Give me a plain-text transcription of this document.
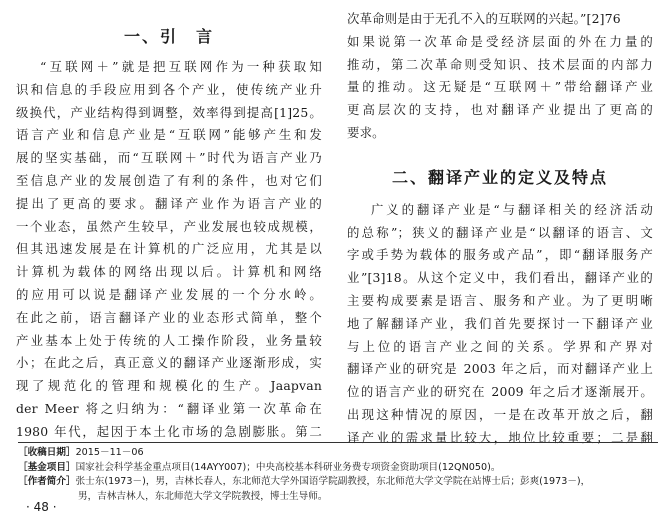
一、引　言
“互联网＋”就是把互联网作为一种获取知
识和信息的手段应用到各个产业，使传统产业升
级换代，产业结构得到调整，效率得到提高[1]25。
语言产业和信息产业是“互联网”能够产生和发
展的坚实基础，而“互联网＋”时代为语言产业乃
至信息产业的发展创造了有利的条件，也对它们
提出了更高的要求。翻译产业作为语言产业的
一个业态，虽然产生较早，产业发展也较成规模，
但其迅速发展是在计算机的广泛应用，尤其是以
计算机为载体的网络出现以后。计算机和网络
的应用可以说是翻译产业发展的一个分水岭。
在此之前，语言翻译产业的业态形式简单，整个
产业基本上处于传统的人工操作阶段，业务量较
小；在此之后，真正意义的翻译产业逐渐形成，实
现了规范化的管理和规模化的生产。Jaapvan
der Meer 将之归纳为：“翻译业第一次革命在
1980 年代，起因于本土化市场的急剧膨胀。第二
次革命则是由于无孔不入的互联网的兴起。”[2]76
如果说第一次革命是受经济层面的外在力量的
推动，第二次革命则受知识、技术层面的内部力
量的推动。这无疑是“互联网＋”带给翻译产业
更高层次的支持，也对翻译产业提出了更高的
要求。
二、翻译产业的定义及特点
广义的翻译产业是“与翻译相关的经济活动
的总称”；狭义的翻译产业是“以翻译的语言、文
字或手势为载体的服务或产品”，即“翻译服务产
业”[3]18。从这个定义中，我们看出，翻译产业的
主要构成要素是语言、服务和产业。为了更明晰
地了解翻译产业，我们首先要探讨一下翻译产业
与上位的语言产业之间的关系。学界和产界对
翻译产业的研究是 2003 年之后，而对翻译产业上
位的语言产业的研究在 2009 年之后才逐渐展开。
出现这种情况的原因，一是在改革开放之后，翻
译产业的需求量比较大，地位比较重要；二是翻
［收稿日期］2015－11－06
［基金项目］国家社会科学基金重点项目(14AYY007)；中央高校基本科研业务费专项资金资助项目(12QN050)。
［作者简介］张士东(1973－)，男，吉林长春人，东北师范大学外国语学院副教授，东北师范大学文学院在站博士后；彭爽(1973－)，
男，吉林吉林人，东北师范大学文学院教授，博士生导师。
· 48 ·
